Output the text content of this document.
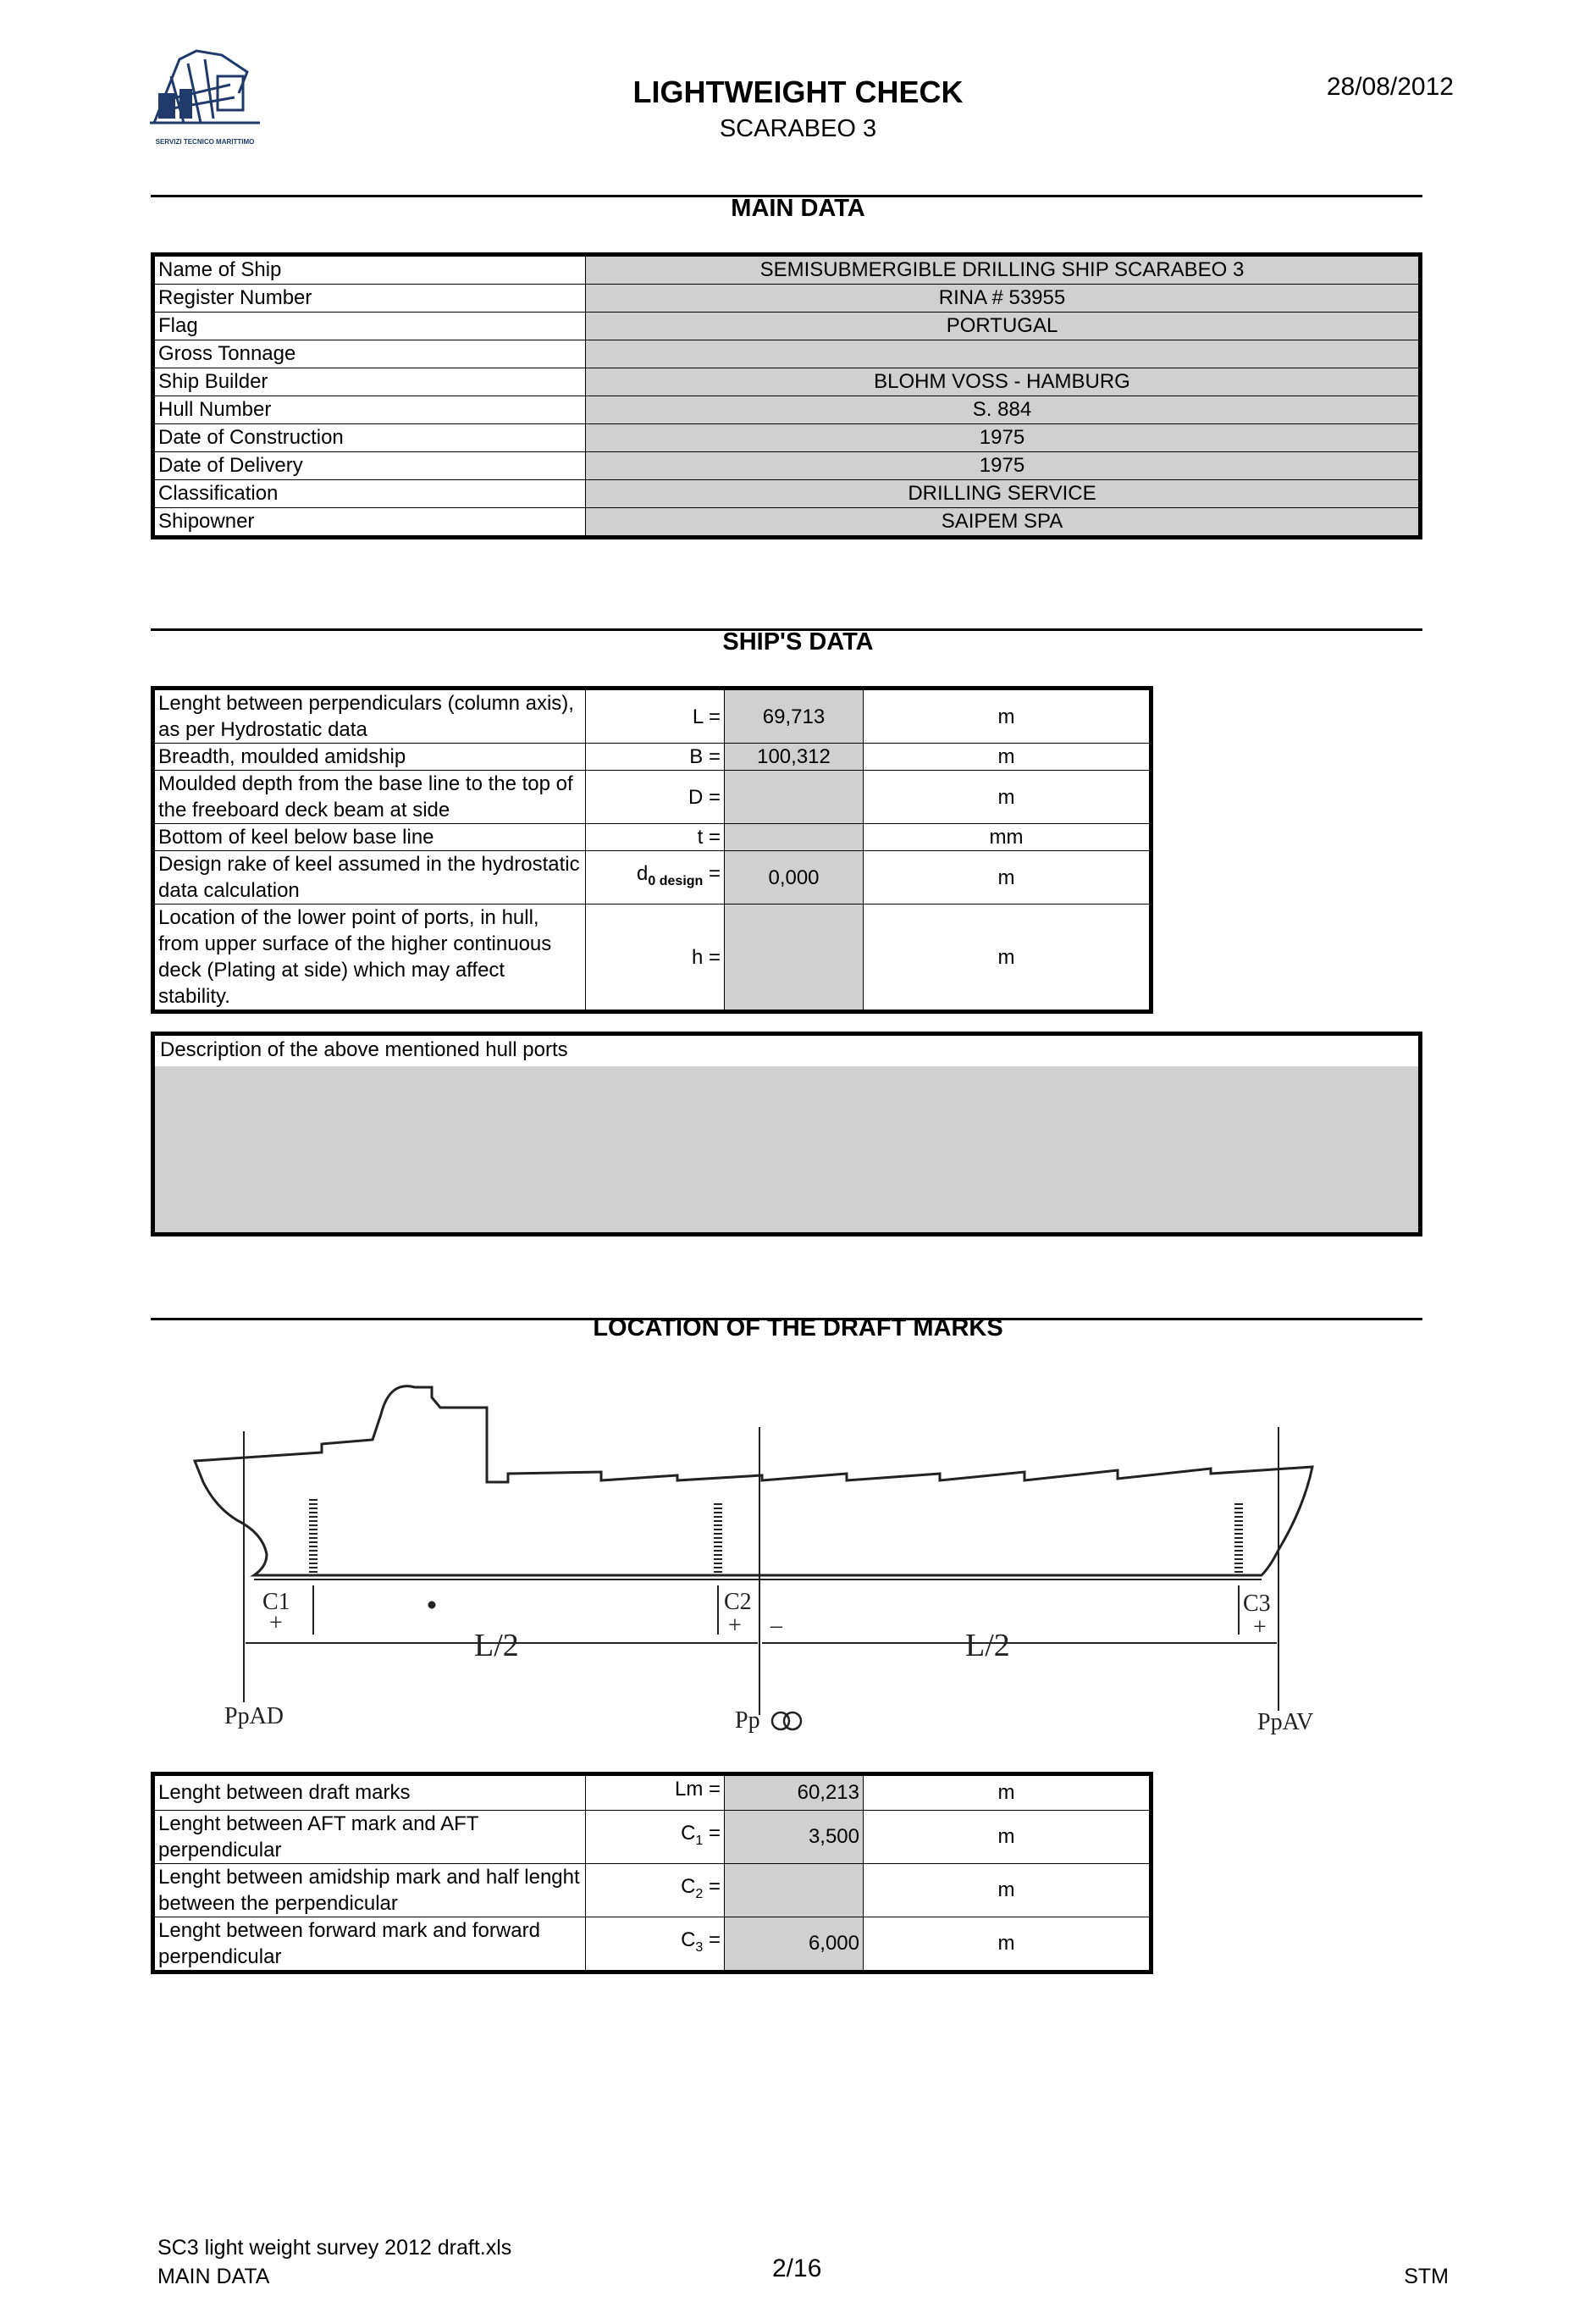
SERVIZI TECNICO MARITTIMO
LIGHTWEIGHT CHECK
SCARABEO 3
28/08/2012
MAIN DATA
Name of Ship	SEMISUBMERGIBLE DRILLING SHIP SCARABEO 3
Register Number	RINA # 53955
Flag	PORTUGAL
Gross Tonnage	
Ship Builder	BLOHM VOSS - HAMBURG
Hull Number	S. 884
Date of Construction	1975
Date of Delivery	1975
Classification	DRILLING SERVICE
Shipowner	SAIPEM SPA
SHIP'S DATA
Lenght between perpendiculars (column axis), as per Hydrostatic data	L =	69,713	m
Breadth, moulded amidship	B =	100,312	m
Moulded depth from the base line to the top of the freeboard deck beam at side	D =		m
Bottom of keel below base line	t =		mm
Design rake of keel assumed in the hydrostatic data calculation	$d_{0 design}$ =	0,000	m
Location of the lower point of ports, in hull, from upper surface of the higher continuous deck (Plating at side) which may affect stability.	h =		m
Description of the above mentioned hull ports
LOCATION OF THE DRAFT MARKS
C1
+
C2
+ –
C3
+
L/2	L/2
PpAD	Pp	PpAV
Lenght between draft marks	Lm =	60,213	m
Lenght between AFT mark and AFT perpendicular	$C_1$ =	3,500	m
Lenght between amidship mark and half lenght between the perpendicular	$C_2$ =		m
Lenght between forward mark and forward perpendicular	$C_3$ =	6,000	m
SC3 light weight survey 2012 draft.xls
MAIN DATA	2/16	STM
